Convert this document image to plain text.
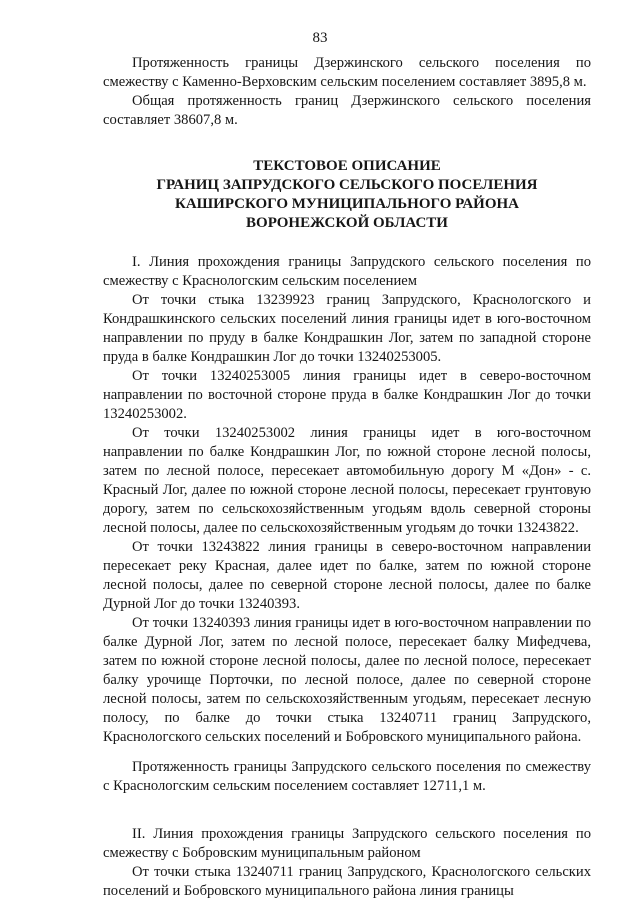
83

Протяженность границы Дзержинского сельского поселения по смежеству с Каменно-Верховским сельским поселением составляет 3895,8 м.

Общая протяженность границ Дзержинского сельского поселения составляет 38607,8 м.

ТЕКСТОВОЕ ОПИСАНИЕ
ГРАНИЦ ЗАПРУДСКОГО СЕЛЬСКОГО ПОСЕЛЕНИЯ
КАШИРСКОГО МУНИЦИПАЛЬНОГО РАЙОНА
ВОРОНЕЖСКОЙ ОБЛАСТИ

I. Линия прохождения границы Запрудского сельского поселения по смежеству с Краснологским сельским поселением

От точки стыка 13239923 границ Запрудского, Краснологского и Кондрашкинского сельских поселений линия границы идет в юго-восточном направлении по пруду в балке Кондрашкин Лог, затем по западной стороне пруда в балке Кондрашкин Лог до точки 13240253005.

От точки 13240253005 линия границы идет в северо-восточном направлении по восточной стороне пруда в балке Кондрашкин Лог до точки 13240253002.

От точки 13240253002 линия границы идет в юго-восточном направлении по балке Кондрашкин Лог, по южной стороне лесной полосы, затем по лесной полосе, пересекает автомобильную дорогу М «Дон» - с. Красный Лог, далее по южной стороне лесной полосы, пересекает грунтовую дорогу, затем по сельскохозяйственным угодьям вдоль северной стороны лесной полосы, далее по сельскохозяйственным угодьям до точки 13243822.

От точки 13243822 линия границы в северо-восточном направлении пересекает реку Красная, далее идет по балке, затем по южной стороне лесной полосы, далее по северной стороне лесной полосы, далее по балке Дурной Лог до точки 13240393.

От точки 13240393 линия границы идет в юго-восточном направлении по балке Дурной Лог, затем по лесной полосе, пересекает балку Мифедчева, затем по южной стороне лесной полосы, далее по лесной полосе, пересекает балку урочище Порточки, по лесной полосе, далее по северной стороне лесной полосы, затем по сельскохозяйственным угодьям, пересекает лесную полосу, по балке до точки стыка 13240711 границ Запрудского, Краснологского сельских поселений и Бобровского муниципального района.

Протяженность границы Запрудского сельского поселения по смежеству с Краснологским сельским поселением составляет 12711,1 м.

II. Линия прохождения границы Запрудского сельского поселения по смежеству с Бобровским муниципальным районом

От точки стыка 13240711 границ Запрудского, Краснологского сельских поселений и Бобровского муниципального района линия границы
